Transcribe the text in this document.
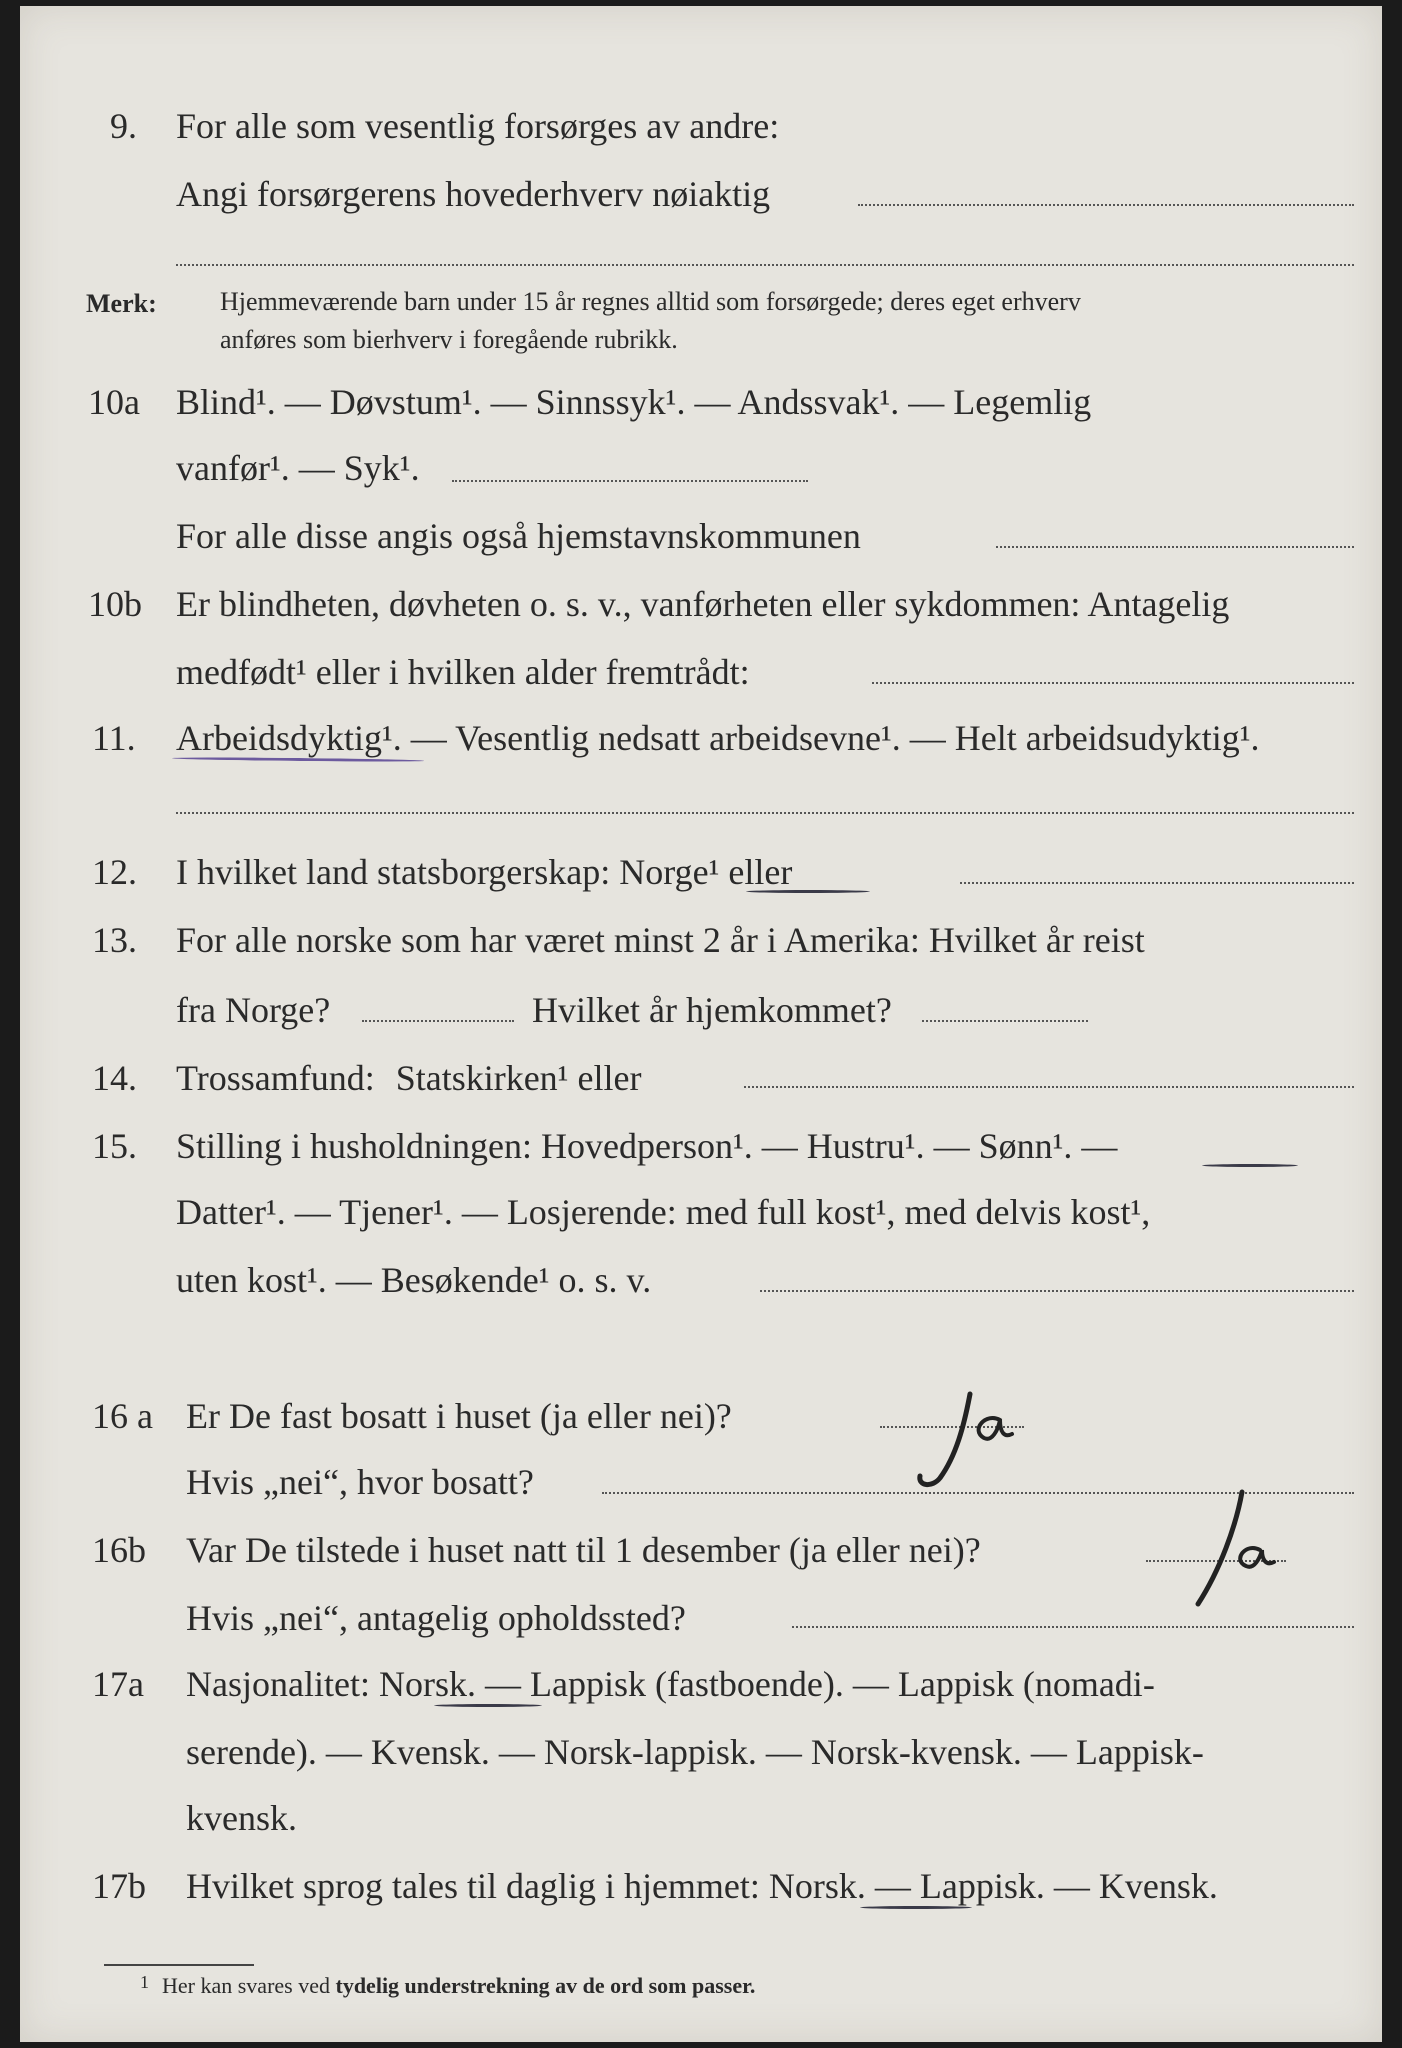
9. For alle som vesentlig forsørges av andre:
Angi forsørgerens hovederhverv nøiaktig
Merk: Hjemmeværende barn under 15 år regnes alltid som forsørgede; deres eget erhverv
anføres som bierhverv i foregående rubrikk.
10a Blind¹. — Døvstum¹. — Sinnssyk¹. — Andssvak¹. — Legemlig
vanfør¹. — Syk¹.
For alle disse angis også hjemstavnskommunen
10b Er blindheten, døvheten o. s. v., vanførheten eller sykdommen: Antagelig
medfødt¹ eller i hvilken alder fremtrådt:
11. Arbeidsdyktig¹. — Vesentlig nedsatt arbeidsevne¹. — Helt arbeidsudyktig¹.
12. I hvilket land statsborgerskap: Norge¹ eller
13. For alle norske som har været minst 2 år i Amerika: Hvilket år reist
fra Norge?	Hvilket år hjemkommet?
14. Trossamfund: Statskirken¹ eller
15. Stilling i husholdningen: Hovedperson¹. — Hustru¹. — Sønn¹. —
Datter¹. — Tjener¹. — Losjerende: med full kost¹, med delvis kost¹,
uten kost¹. — Besøkende¹ o. s. v.
16 a Er De fast bosatt i huset (ja eller nei)?
Hvis „nei“, hvor bosatt?
16b Var De tilstede i huset natt til 1 desember (ja eller nei)?
Hvis „nei“, antagelig opholdssted?
17a Nasjonalitet: Norsk. — Lappisk (fastboende). — Lappisk (nomadi-
serende). — Kvensk. — Norsk-lappisk. — Norsk-kvensk. — Lappisk-
kvensk.
17b Hvilket sprog tales til daglig i hjemmet: Norsk. — Lappisk. — Kvensk.
1 Her kan svares ved tydelig understrekning av de ord som passer.
